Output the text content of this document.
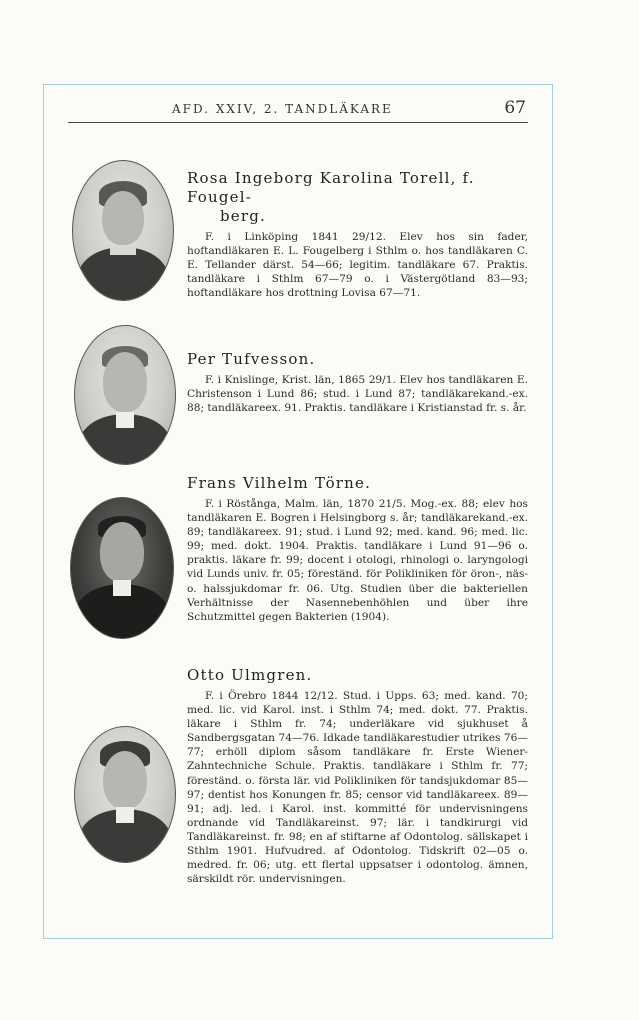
AFD. XXIV, 2. TANDLÄKARE	67
Rosa Ingeborg Karolina Torell, f. Fougel-
berg.

F. i Linköping 1841 29/12. Elev hos sin fader, hoftandläkaren E. L. Fougelberg i Sthlm o. hos tandläkaren C. E. Tellander därst. 54—66; legitim. tandläkare 67. Praktis. tandläkare i Sthlm 67—79 o. i Västergötland 83—93; hoftandläkare hos drottning Lovisa 67—71.

Per Tufvesson.

F. i Knislinge, Krist. län, 1865 29/1. Elev hos tandläkaren E. Christenson i Lund 86; stud. i Lund 87; tandläkarekand.-ex. 88; tandläkareex. 91. Praktis. tandläkare i Kristianstad fr. s. år.

Frans Vilhelm Törne.

F. i Röstånga, Malm. län, 1870 21/5. Mog.-ex. 88; elev hos tandläkaren E. Bogren i Helsingborg s. år; tandläkarekand.-ex. 89; tandläkareex. 91; stud. i Lund 92; med. kand. 96; med. lic. 99; med. dokt. 1904. Praktis. tandläkare i Lund 91—96 o. praktis. läkare fr. 99; docent i otologi, rhinologi o. laryngologi vid Lunds univ. fr. 05; föreständ. för Polikliniken för öron-, näs- o. halssjukdomar fr. 06. Utg. Studien über die bakteriellen Verhältnisse der Nasennebenhöhlen und über ihre Schutzmittel gegen Bakterien (1904).

Otto Ulmgren.

F. i Örebro 1844 12/12. Stud. i Upps. 63; med. kand. 70; med. lic. vid Karol. inst. i Sthlm 74; med. dokt. 77. Praktis. läkare i Sthlm fr. 74; underläkare vid sjukhuset å Sandbergsgatan 74—76. Idkade tandläkarestudier utrikes 76—77; erhöll diplom såsom tandläkare fr. Erste Wiener-Zahntechniche Schule. Praktis. tandläkare i Sthlm fr. 77; föreständ. o. första lär. vid Polikliniken för tandsjukdomar 85—97; dentist hos Konungen fr. 85; censor vid tandläkareex. 89—91; adj. led. i Karol. inst. kommitté för undervisningens ordnande vid Tandläkareinst. 97; lär. i tandkirurgi vid Tandläkareinst. fr. 98; en af stiftarne af Odontolog. sällskapet i Sthlm 1901. Hufvudred. af Odontolog. Tidskrift 02—05 o. medred. fr. 06; utg. ett flertal uppsatser i odontolog. ämnen, särskildt rör. undervisningen.
